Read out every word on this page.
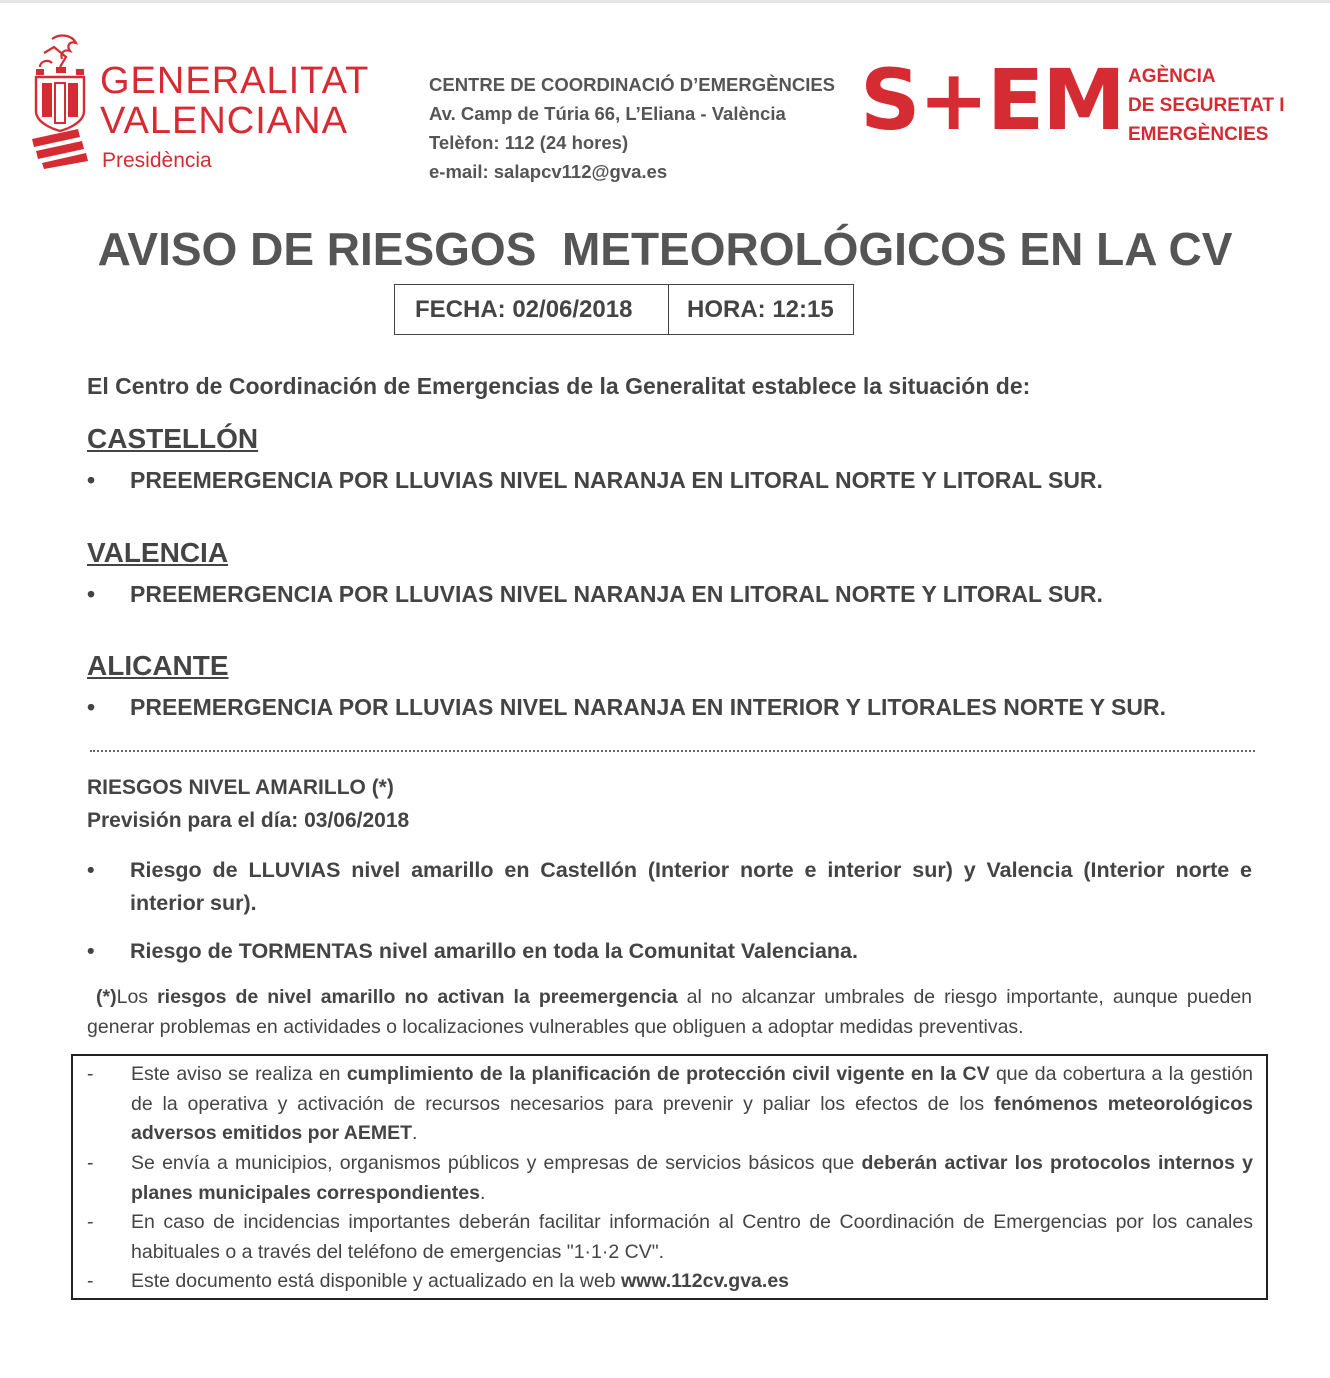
GENERALITAT
VALENCIANA
Presidència
CENTRE DE COORDINACIÓ D’EMERGÈNCIES
Av. Camp de Túria 66, L’Eliana - València
Telèfon: 112 (24 hores)
e-mail: salapcv112@gva.es
S+EM AGÈNCIA
DE SEGURETAT I
EMERGÈNCIES
AVISO DE RIESGOS  METEOROLÓGICOS EN LA CV
FECHA: 02/06/2018	HORA: 12:15
El Centro de Coordinación de Emergencias de la Generalitat establece la situación de:
CASTELLÓN
•	PREEMERGENCIA POR LLUVIAS NIVEL NARANJA EN LITORAL NORTE Y LITORAL SUR.
VALENCIA
•	PREEMERGENCIA POR LLUVIAS NIVEL NARANJA EN LITORAL NORTE Y LITORAL SUR.
ALICANTE
•	PREEMERGENCIA POR LLUVIAS NIVEL NARANJA EN INTERIOR Y LITORALES NORTE Y SUR.
RIESGOS NIVEL AMARILLO (*)
Previsión para el día: 03/06/2018
•	Riesgo de LLUVIAS nivel amarillo en Castellón (Interior norte e interior sur) y Valencia (Interior norte e interior sur).
•	Riesgo de TORMENTAS nivel amarillo en toda la Comunitat Valenciana.
(*)Los riesgos de nivel amarillo no activan la preemergencia al no alcanzar umbrales de riesgo importante, aunque pueden generar problemas en actividades o localizaciones vulnerables que obliguen a adoptar medidas preventivas.
- Este aviso se realiza en cumplimiento de la planificación de protección civil vigente en la CV que da cobertura a la gestión de la operativa y activación de recursos necesarios para prevenir y paliar los efectos de los fenómenos meteorológicos adversos emitidos por AEMET.
- Se envía a municipios, organismos públicos y empresas de servicios básicos que deberán activar los protocolos internos y planes municipales correspondientes.
- En caso de incidencias importantes deberán facilitar información al Centro de Coordinación de Emergencias por los canales habituales o a través del teléfono de emergencias "1·1·2 CV".
- Este documento está disponible y actualizado en la web www.112cv.gva.es
